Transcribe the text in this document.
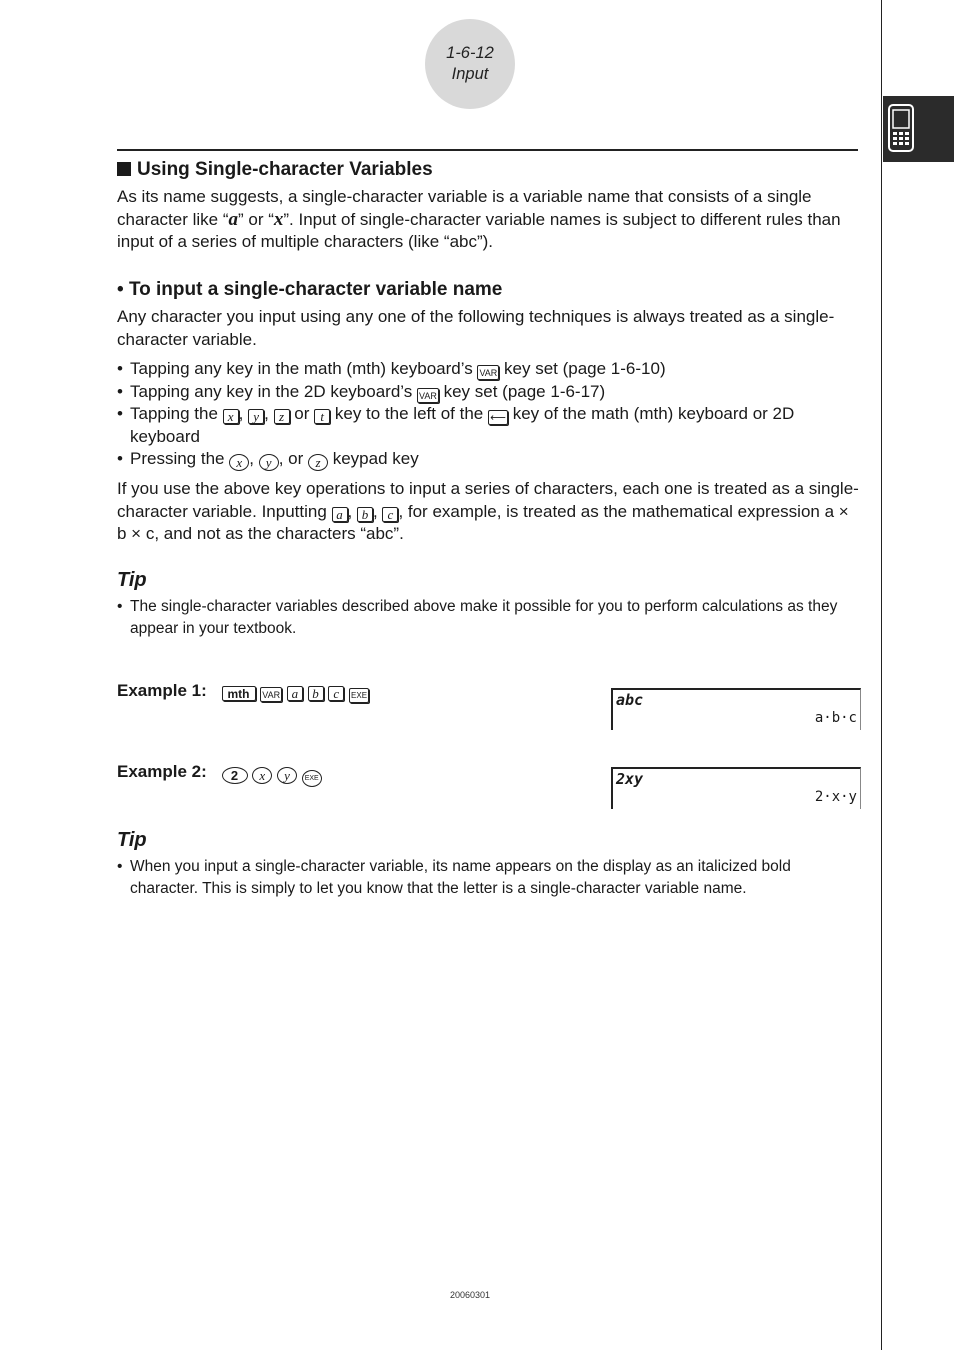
1-6-12
Input
Using Single-character Variables
As its name suggests, a single-character variable is a variable name that consists of a single character like “a” or “x”. Input of single-character variable names is subject to different rules than input of a series of multiple characters (like “abc”).
• To input a single-character variable name
Any character you input using any one of the following techniques is always treated as a single-character variable.
• Tapping any key in the math (mth) keyboard’s VAR key set (page 1-6-10)
• Tapping any key in the 2D keyboard’s VAR key set (page 1-6-17)
• Tapping the x , y , z or t key to the left of the ⟵ key of the math (mth) keyboard or 2D keyboard
• Pressing the x , y , or z keypad key
If you use the above key operations to input a series of characters, each one is treated as a single-character variable. Inputting a , b , c , for example, is treated as the mathematical expression a × b × c, and not as the characters “abc”.
Tip
• The single-character variables described above make it possible for you to perform calculations as they appear in your textbook.
Example 1: mth VAR a b c EXE	abc
a·b·c
Example 2: 2 x y EXE	2xy
2·x·y
Tip
• When you input a single-character variable, its name appears on the display as an italicized bold character. This is simply to let you know that the letter is a single-character variable name.
20060301
